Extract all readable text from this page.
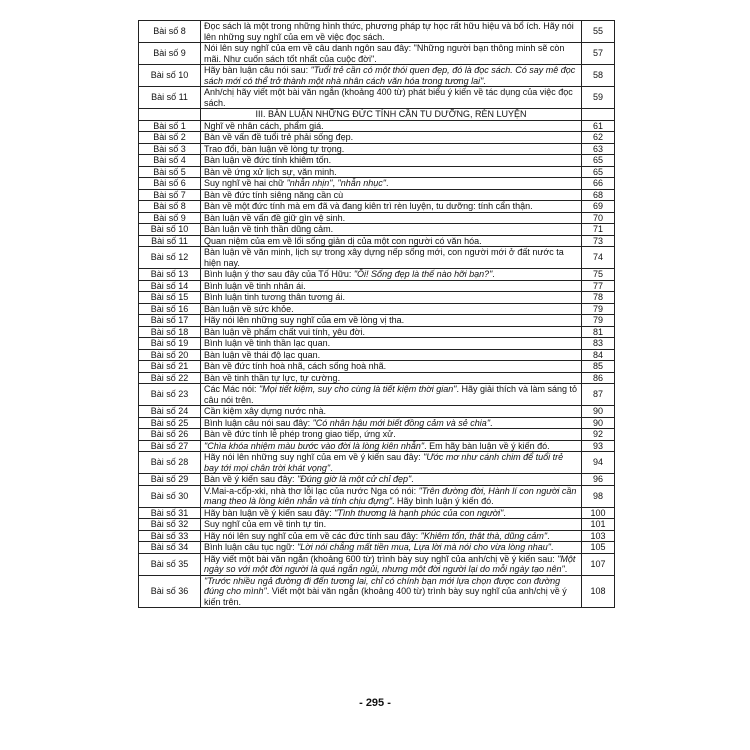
Bài số 8	Đọc sách là một trong những hình thức, phương pháp tự học rất hữu hiệu và bổ ích. Hãy nói lên những suy nghĩ của em về việc đọc sách.	55
Bài số 9	Nói lên suy nghĩ của em về câu danh ngôn sau đây: "Những người bạn thông minh sẽ còn mãi. Như cuốn sách tốt nhất của cuộc đời".	57
Bài số 10	Hãy bàn luận câu nói sau: "Tuổi trẻ cần có một thói quen đẹp, đó là đọc sách. Có say mê đọc sách mới có thể trở thành một nhà nhân cách văn hóa trong tương lai".	58
Bài số 11	Anh/chị hãy viết một bài văn ngắn (khoảng 400 từ) phát biểu ý kiến về tác dụng của việc đọc sách.	59
	III. BÀN LUẬN NHỮNG ĐỨC TÍNH CẦN TU DƯỠNG, RÈN LUYỆN	
Bài số 1	Nghĩ về nhân cách, phẩm giá.	61
Bài số 2	Bàn về vấn đề tuổi trẻ phải sống đẹp.	62
Bài số 3	Trao đổi, bàn luận về lòng tự trọng.	63
Bài số 4	Bàn luận về đức tính khiêm tốn.	65
Bài số 5	Bàn về ứng xử lịch sự, văn minh.	65
Bài số 6	Suy nghĩ về hai chữ "nhẫn nhịn", "nhẫn nhục".	66
Bài số 7	Bàn về đức tính siêng năng cần cù	68
Bài số 8	Bàn về một đức tính mà em đã và đang kiên trì rèn luyện, tu dưỡng: tính cẩn thận.	69
Bài số 9	Bàn luận về vấn đề giữ gìn vệ sinh.	70
Bài số 10	Bàn luận về tinh thần dũng cảm.	71
Bài số 11	Quan niệm của em về lối sống giản dị của một con người có văn hóa.	73
Bài số 12	Bàn luận về văn minh, lịch sự trong xây dựng nếp sống mới, con người mới ở đất nước ta hiện nay.	74
Bài số 13	Bình luận ý thơ sau đây của Tố Hữu: "Ôi! Sống đẹp là thế nào hỡi bạn?".	75
Bài số 14	Bình luận về tinh nhân ái.	77
Bài số 15	Bình luận tinh tương thân tương ái.	78
Bài số 16	Bàn luận về sức khỏe.	79
Bài số 17	Hãy nói lên những suy nghĩ của em về lòng vị tha.	79
Bài số 18	Bàn luận về phẩm chất vui tính, yêu đời.	81
Bài số 19	Bình luận về tinh thần lạc quan.	83
Bài số 20	Bàn luận về thái độ lạc quan.	84
Bài số 21	Bàn về đức tính hoà nhã, cách sống hoà nhã.	85
Bài số 22	Bàn về tinh thần tự lực, tự cường.	86
Bài số 23	Các Mác nói: "Mọi tiết kiệm, suy cho cùng là tiết kiệm thời gian". Hãy giải thích và làm sáng tỏ câu nói trên.	87
Bài số 24	Cần kiệm xây dựng nước nhà.	90
Bài số 25	Bình luận câu nói sau đây: "Có nhân hậu mới biết đồng cảm và sẻ chia".	90
Bài số 26	Bàn về đức tính lễ phép trong giao tiếp, ứng xử.	92
Bài số 27	"Chìa khóa nhiệm màu bước vào đời là lòng kiên nhẫn". Em hãy bàn luận về ý kiến đó.	93
Bài số 28	Hãy nói lên những suy nghĩ của em về ý kiến sau đây: "Ước mơ như cánh chim để tuổi trẻ bay tới mọi chân trời khát vọng".	94
Bài số 29	Bàn về ý kiến sau đây: "Đúng giờ là một cử chỉ đẹp".	96
Bài số 30	V.Mai-a-cốp-xki, nhà thơ lỗi lạc của nước Nga có nói: "Trên đường đời, Hành lí con người cần mang theo là lòng kiên nhẫn và tính chịu đựng". Hãy bình luận ý kiến đó.	98
Bài số 31	Hãy bàn luận về ý kiến sau đây: "Tình thương là hạnh phúc của con người".	100
Bài số 32	Suy nghĩ của em về tinh tự tin.	101
Bài số 33	Hãy nói lên suy nghĩ của em về các đức tính sau đây: "Khiêm tốn, thật thà, dũng cảm".	103
Bài số 34	Bình luận câu tục ngữ: "Lời nói chẳng mất tiền mua, Lựa lời mà nói cho vừa lòng nhau".	105
Bài số 35	Hãy viết một bài văn ngắn (khoảng 600 từ) trình bày suy nghĩ của anh/chị về ý kiến sau: "Một ngày so với một đời người là quá ngắn ngủi, nhưng một đời người lại do mỗi ngày tạo nên".	107
Bài số 36	"Trước nhiều ngả đường đi đến tương lai, chỉ có chính bạn mới lựa chọn được con đường đúng cho mình". Viết một bài văn ngắn (khoảng 400 từ) trình bày suy nghĩ của anh/chị về ý kiến trên.	108
- 295 -
